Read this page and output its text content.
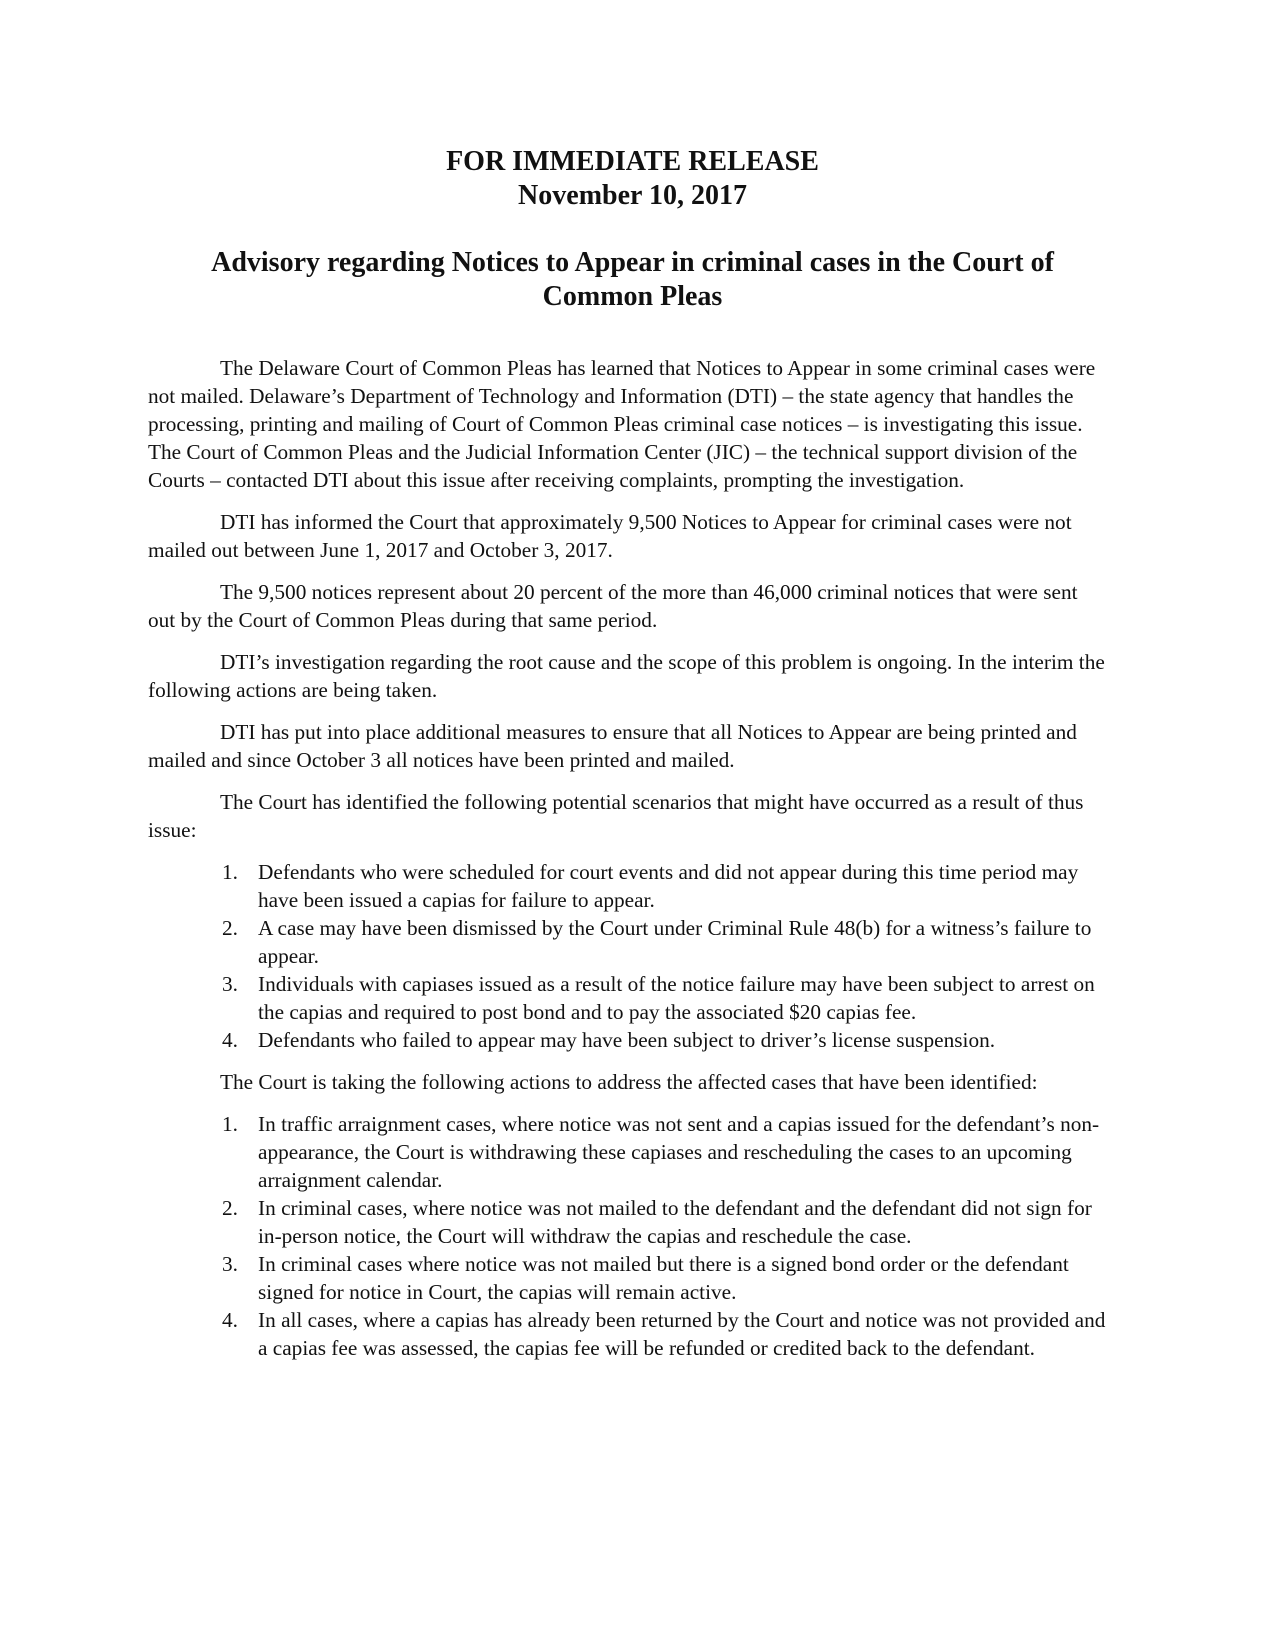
FOR IMMEDIATE RELEASE
November 10, 2017
Advisory regarding Notices to Appear in criminal cases in the Court of
Common Pleas

The Delaware Court of Common Pleas has learned that Notices to Appear in some criminal cases were not mailed. Delaware’s Department of Technology and Information (DTI) – the state agency that handles the processing, printing and mailing of Court of Common Pleas criminal case notices – is investigating this issue. The Court of Common Pleas and the Judicial Information Center (JIC) – the technical support division of the Courts – contacted DTI about this issue after receiving complaints, prompting the investigation.

DTI has informed the Court that approximately 9,500 Notices to Appear for criminal cases were not mailed out between June 1, 2017 and October 3, 2017.

The 9,500 notices represent about 20 percent of the more than 46,000 criminal notices that were sent out by the Court of Common Pleas during that same period.

DTI’s investigation regarding the root cause and the scope of this problem is ongoing. In the interim the following actions are being taken.

DTI has put into place additional measures to ensure that all Notices to Appear are being printed and mailed and since October 3 all notices have been printed and mailed.

The Court has identified the following potential scenarios that might have occurred as a result of thus issue:

1. Defendants who were scheduled for court events and did not appear during this time period may have been issued a capias for failure to appear.
2. A case may have been dismissed by the Court under Criminal Rule 48(b) for a witness’s failure to appear.
3. Individuals with capiases issued as a result of the notice failure may have been subject to arrest on the capias and required to post bond and to pay the associated $20 capias fee.
4. Defendants who failed to appear may have been subject to driver’s license suspension.

The Court is taking the following actions to address the affected cases that have been identified:

1. In traffic arraignment cases, where notice was not sent and a capias issued for the defendant’s non-appearance, the Court is withdrawing these capiases and rescheduling the cases to an upcoming arraignment calendar.
2. In criminal cases, where notice was not mailed to the defendant and the defendant did not sign for in-person notice, the Court will withdraw the capias and reschedule the case.
3. In criminal cases where notice was not mailed but there is a signed bond order or the defendant signed for notice in Court, the capias will remain active.
4. In all cases, where a capias has already been returned by the Court and notice was not provided and a capias fee was assessed, the capias fee will be refunded or credited back to the defendant.
